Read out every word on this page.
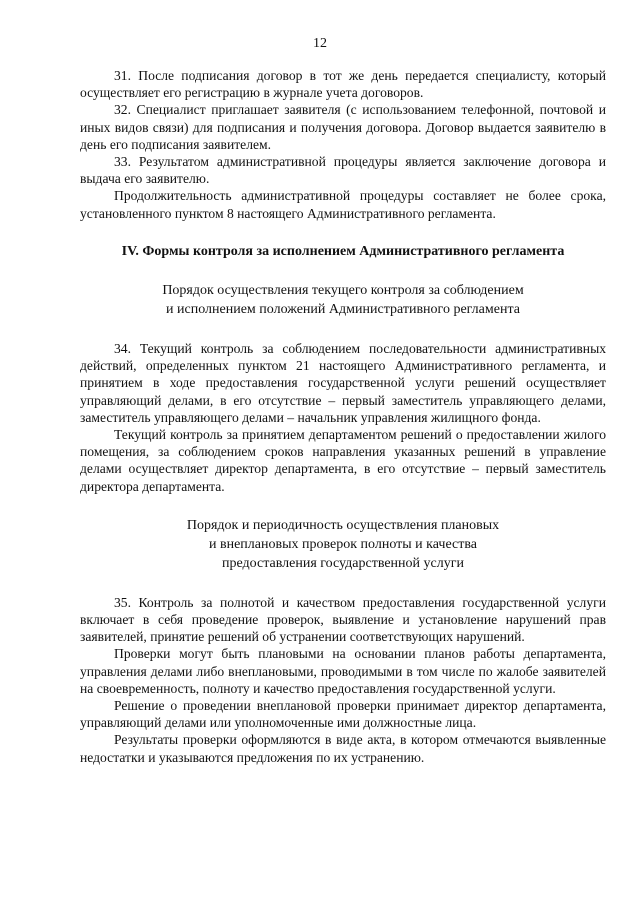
12

31. После подписания договор в тот же день передается специалисту, который осуществляет его регистрацию в журнале учета договоров.

32. Специалист приглашает заявителя (с использованием телефонной, почтовой и иных видов связи) для подписания и получения договора. Договор выдается заявителю в день его подписания заявителем.

33. Результатом административной процедуры является заключение договора и выдача его заявителю.

Продолжительность административной процедуры составляет не более срока, установленного пунктом 8 настоящего Административного регламента.

IV. Формы контроля за исполнением Административного регламента

Порядок осуществления текущего контроля за соблюдением

и исполнением положений Административного регламента

34. Текущий контроль за соблюдением последовательности административных действий, определенных пунктом 21 настоящего Административного регламента, и принятием в ходе предоставления государственной услуги решений осуществляет управляющий делами, в его отсутствие – первый заместитель управляющего делами, заместитель управляющего делами – начальник управления жилищного фонда.

Текущий контроль за принятием департаментом решений о предоставлении жилого помещения, за соблюдением сроков направления указанных решений в управление делами осуществляет директор департамента, в его отсутствие – первый заместитель директора департамента.

Порядок и периодичность осуществления плановых

и внеплановых проверок полноты и качества

предоставления государственной услуги

35. Контроль за полнотой и качеством предоставления государственной услуги включает в себя проведение проверок, выявление и установление нарушений прав заявителей, принятие решений об устранении соответствующих нарушений.

Проверки могут быть плановыми на основании планов работы департамента, управления делами либо внеплановыми, проводимыми в том числе по жалобе заявителей на своевременность, полноту и качество предоставления государственной услуги.

Решение о проведении внеплановой проверки принимает директор департамента, управляющий делами или уполномоченные ими должностные лица.

Результаты проверки оформляются в виде акта, в котором отмечаются выявленные недостатки и указываются предложения по их устранению.
